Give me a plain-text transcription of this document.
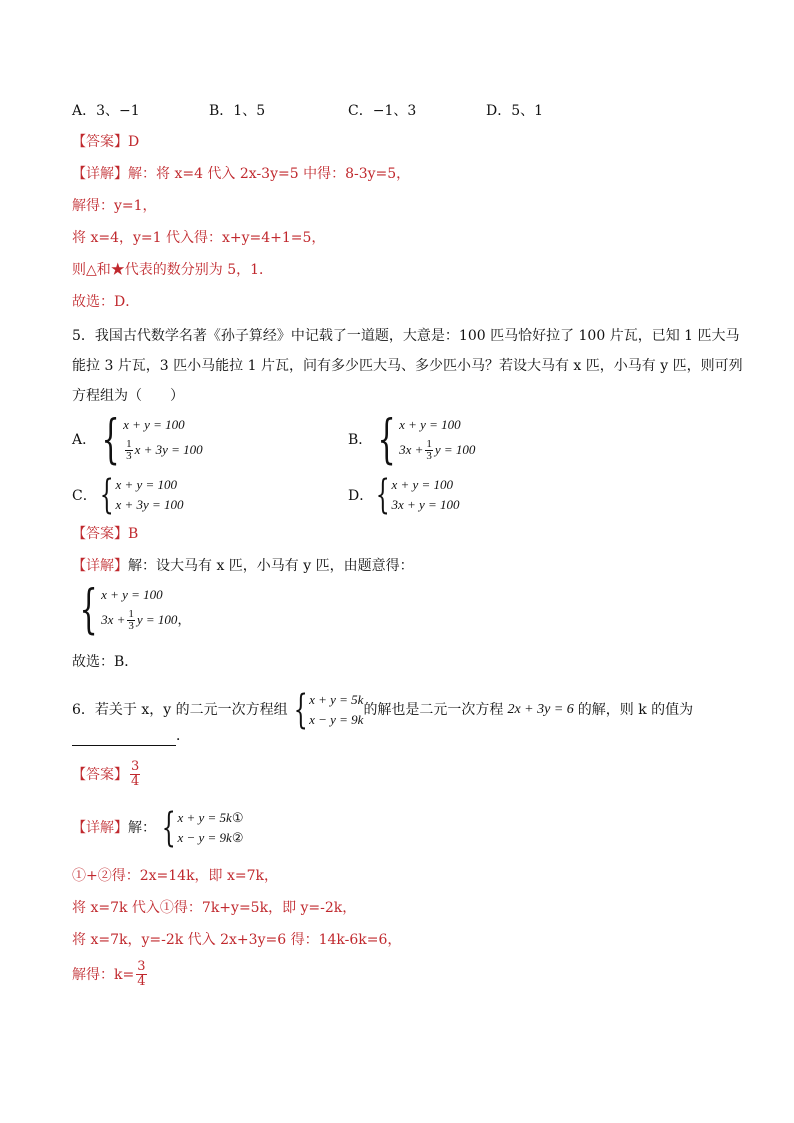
A．3、−1	B．1、5	C．−1、3	D．5、1
【答案】D
【详解】解：将 x=4 代入 2x-3y=5 中得：8-3y=5，
解得：y=1，
将 x=4，y=1 代入得：x+y=4+1=5，
则△和★代表的数分别为 5，1．
故选：D．
5．我国古代数学名著《孙子算经》中记载了一道题，大意是：100 匹马恰好拉了 100 片瓦，已知 1 匹大马
能拉 3 片瓦，3 匹小马能拉 1 片瓦，问有多少匹大马、多少匹小马？若设大马有 x 匹，小马有 y 匹，则可列
方程组为（　　）
A． { x + y = 100
$\frac{1}{3}$ x + 3y = 100
B． { x + y = 100
$3x + \frac{1}{3}$ y = 100
C． { x + y = 100
x + 3y = 100
D． { x + y = 100
3x + y = 100
【答案】B
【详解】解：设大马有 x 匹，小马有 y 匹，由题意得：
{ x + y = 100
$3x + \frac{1}{3}$ y = 100 ，
故选：B．
6．若关于 x，y 的二元一次方程组 { x + y = 5k
x − y = 9k
的解也是二元一次方程 2x + 3y = 6 的解，则 k 的值为
．
【答案】 $\frac{3}{4}$
【详解】 解： { x + y = 5k ①
x − y = 9k ②
①+②得：2x=14k，即 x=7k，
将 x=7k 代入①得：7k+y=5k，即 y=-2k，
将 x=7k，y=-2k 代入 2x+3y=6 得：14k-6k=6，
解得：$k= \frac{3}{4}$
